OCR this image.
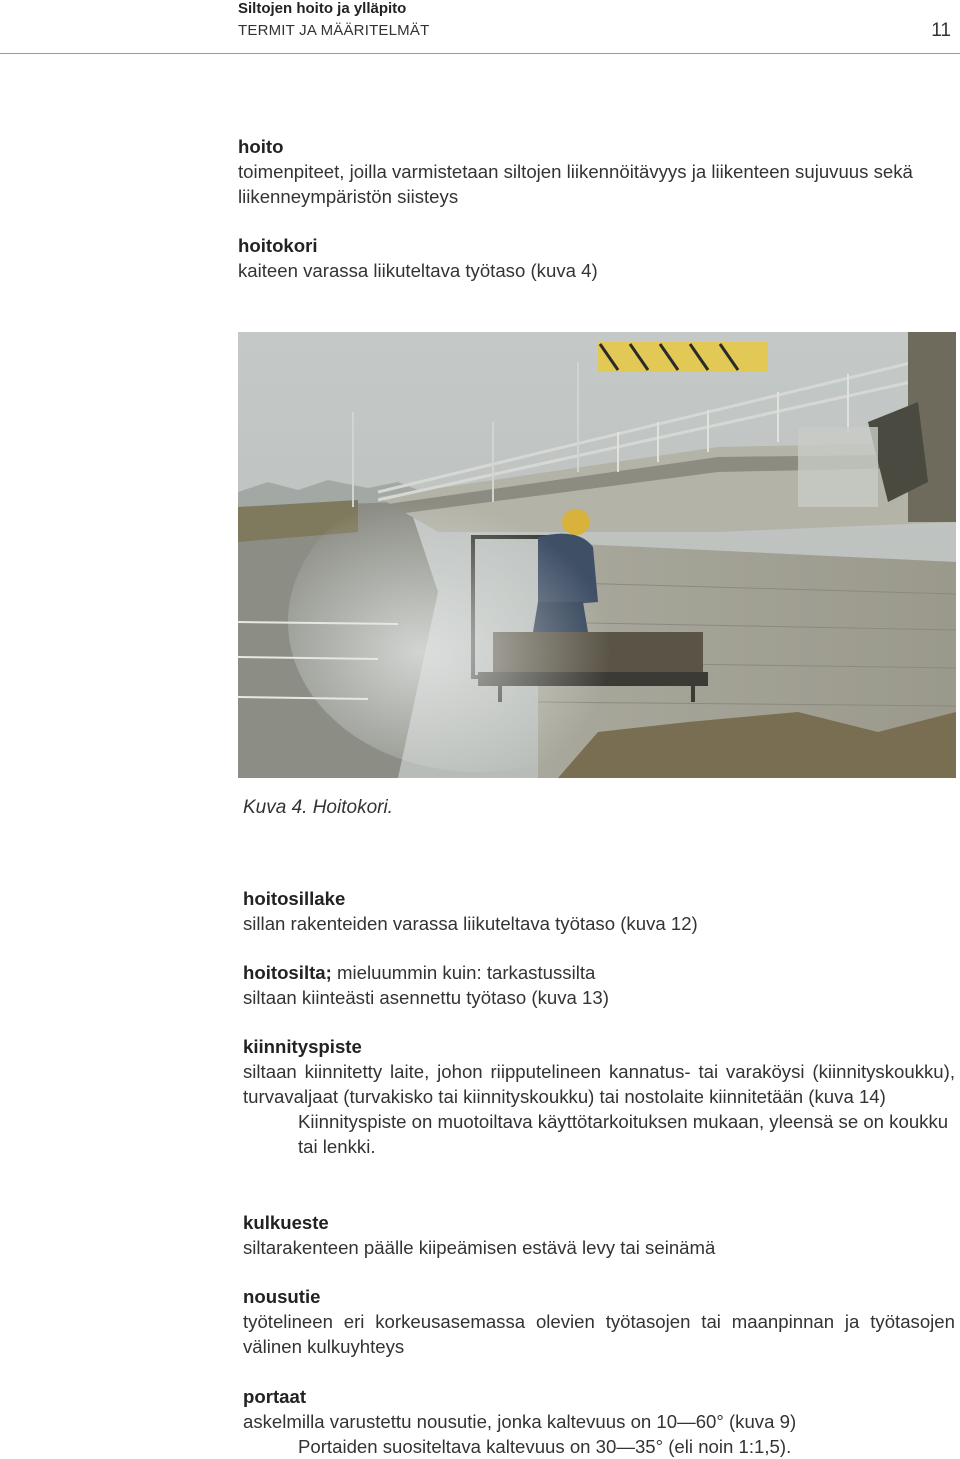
Siltojen hoito ja ylläpito
TERMIT JA MÄÄRITELMÄT	11

hoito

toimenpiteet, joilla varmistetaan siltojen liikennöitävyys ja liikenteen sujuvuus sekä liikenneympäristön siisteys

hoitokori

kaiteen varassa liikuteltava työtaso (kuva 4)

Kuva 4. Hoitokori.

hoitosillake

sillan rakenteiden varassa liikuteltava työtaso (kuva 12)

hoitosilta; mieluummin kuin: tarkastussilta

siltaan kiinteästi asennettu työtaso (kuva 13)

kiinnityspiste

siltaan kiinnitetty laite, johon riipputelineen kannatus- tai varaköysi (kiinnityskoukku), turvavaljaat (turvakisko tai kiinnityskoukku) tai nostolaite kiinnitetään (kuva 14)

Kiinnityspiste on muotoiltava käyttötarkoituksen mukaan, yleensä se on koukku tai lenkki.

kulkueste

siltarakenteen päälle kiipeämisen estävä levy tai seinämä

nousutie

työtelineen eri korkeusasemassa olevien työtasojen tai maanpinnan ja työtasojen välinen kulkuyhteys

portaat

askelmilla varustettu nousutie, jonka kaltevuus on 10—60° (kuva 9)

Portaiden suositeltava kaltevuus on 30—35° (eli noin 1:1,5).
